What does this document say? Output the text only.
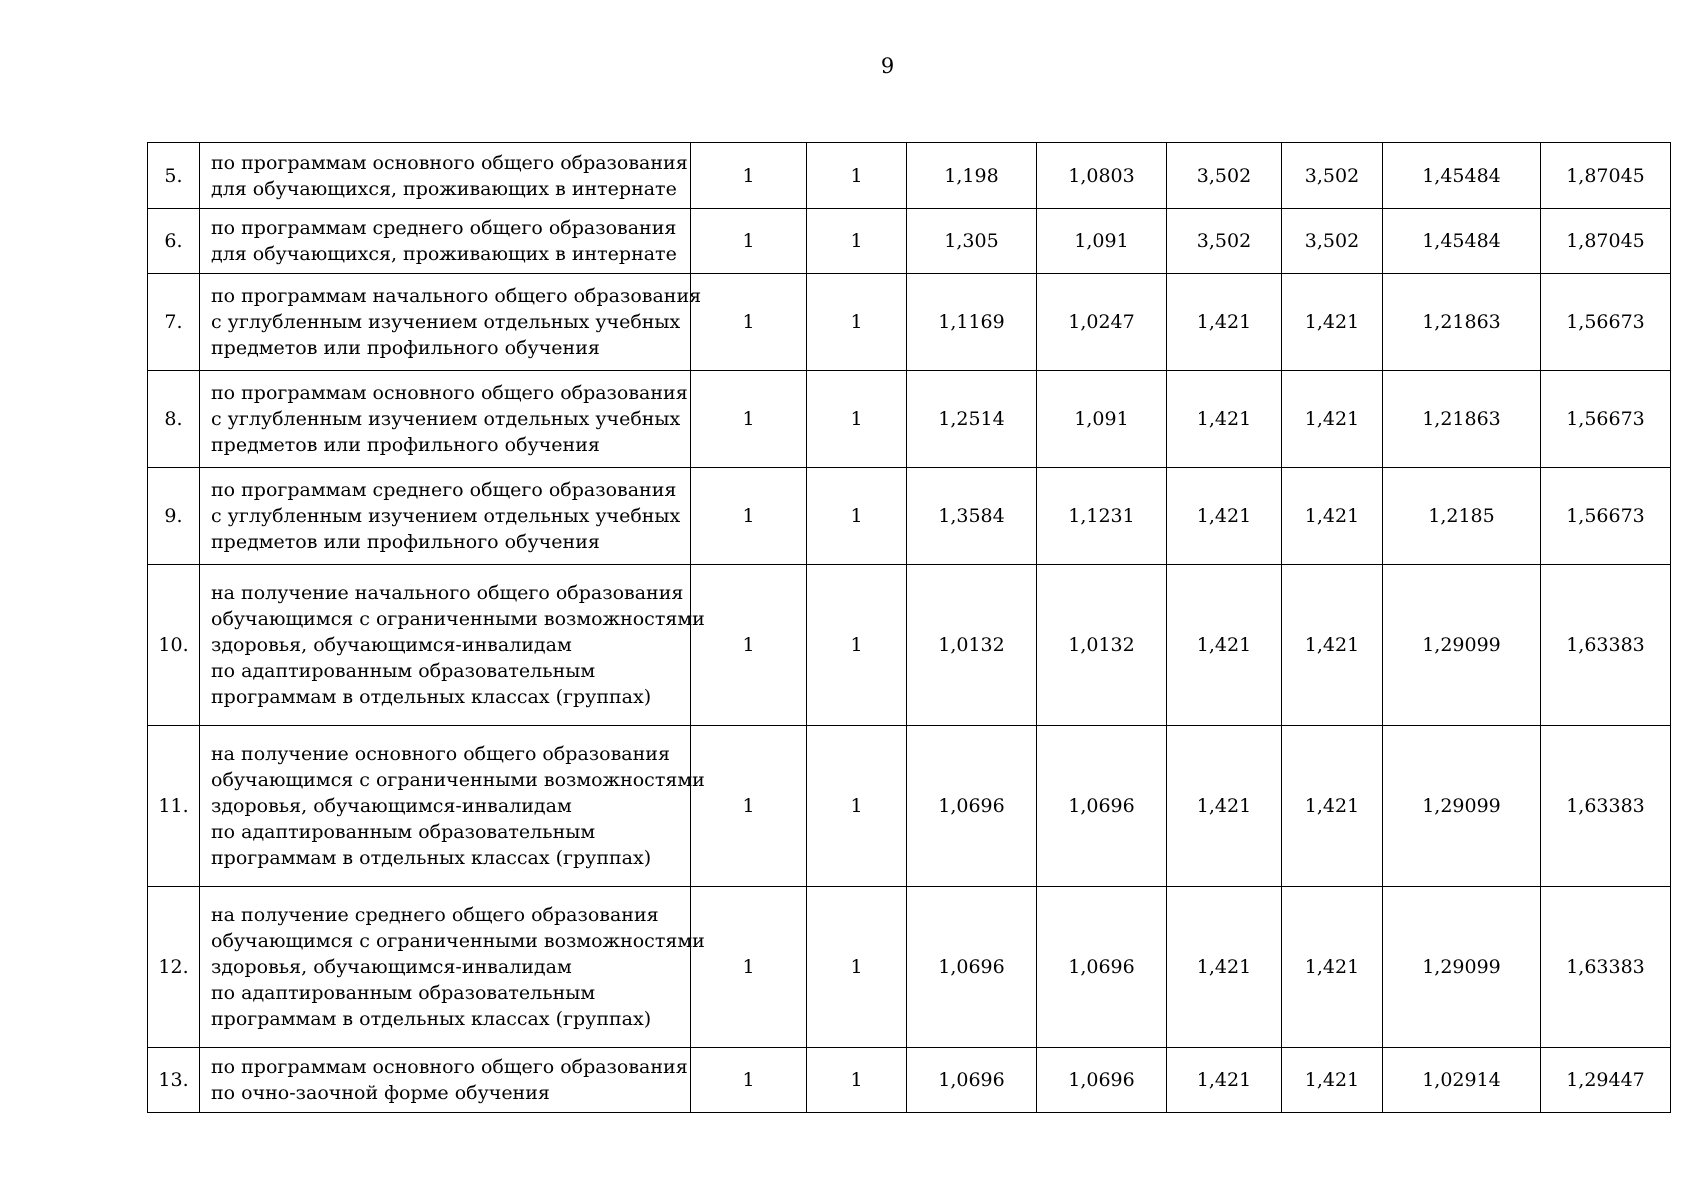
9
5.	по программам основного общего образования
для обучающихся, проживающих в интернате	1	1	1,198	1,0803	3,502	3,502	1,45484	1,87045
6.	по программам среднего общего образования
для обучающихся, проживающих в интернате	1	1	1,305	1,091	3,502	3,502	1,45484	1,87045
7.	по программам начального общего образования
с углубленным изучением отдельных учебных
предметов или профильного обучения	1	1	1,1169	1,0247	1,421	1,421	1,21863	1,56673
8.	по программам основного общего образования
с углубленным изучением отдельных учебных
предметов или профильного обучения	1	1	1,2514	1,091	1,421	1,421	1,21863	1,56673
9.	по программам среднего общего образования
с углубленным изучением отдельных учебных
предметов или профильного обучения	1	1	1,3584	1,1231	1,421	1,421	1,2185	1,56673
10.	на получение начального общего образования
обучающимся с ограниченными возможностями
здоровья, обучающимся-инвалидам
по адаптированным образовательным
программам в отдельных классах (группах)	1	1	1,0132	1,0132	1,421	1,421	1,29099	1,63383
11.	на получение основного общего образования
обучающимся с ограниченными возможностями
здоровья, обучающимся-инвалидам
по адаптированным образовательным
программам в отдельных классах (группах)	1	1	1,0696	1,0696	1,421	1,421	1,29099	1,63383
12.	на получение среднего общего образования
обучающимся с ограниченными возможностями
здоровья, обучающимся-инвалидам
по адаптированным образовательным
программам в отдельных классах (группах)	1	1	1,0696	1,0696	1,421	1,421	1,29099	1,63383
13.	по программам основного общего образования
по очно-заочной форме обучения	1	1	1,0696	1,0696	1,421	1,421	1,02914	1,29447
